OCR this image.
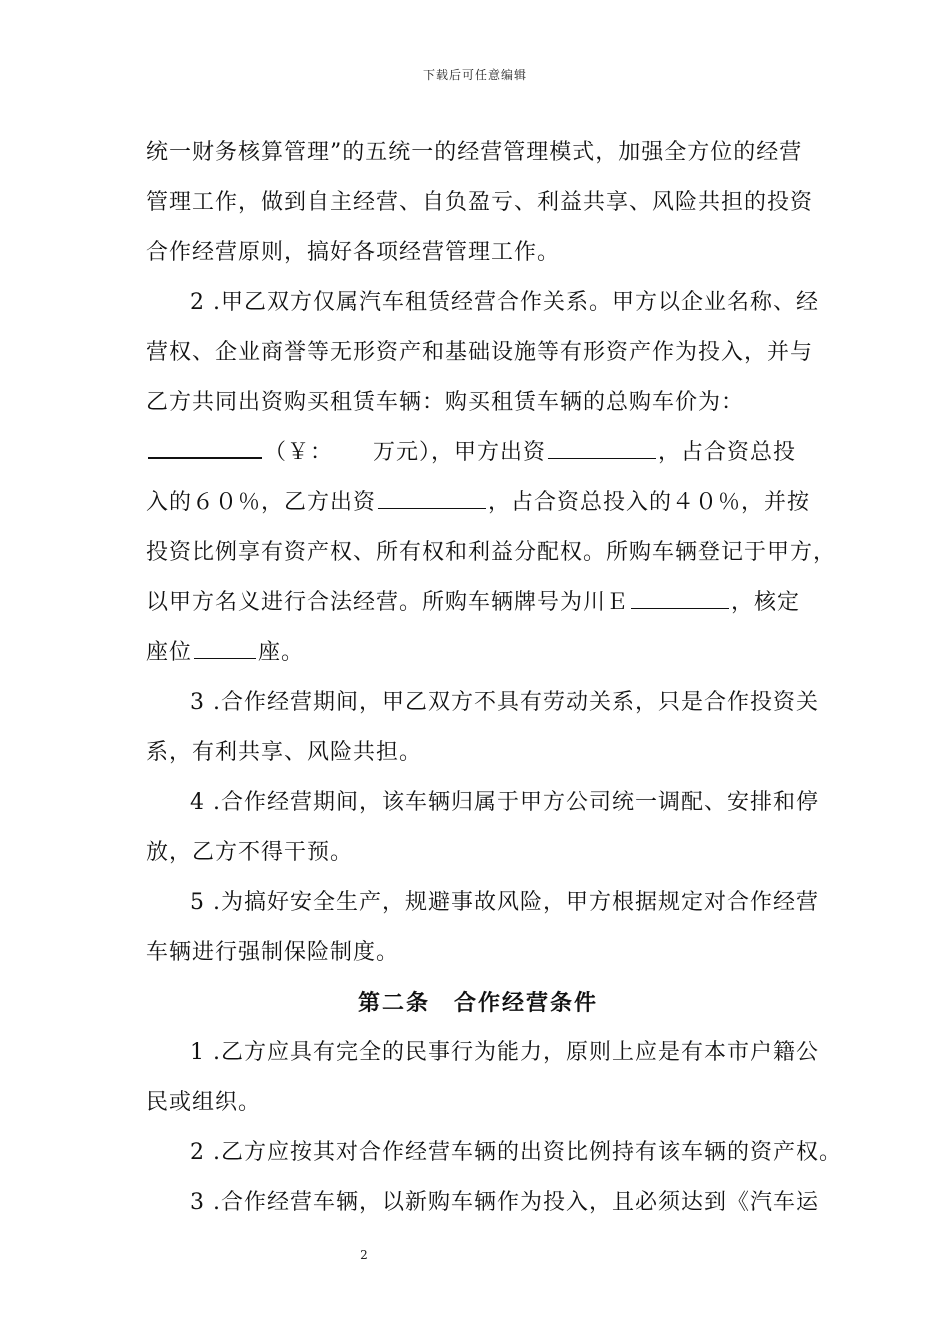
下载后可任意编辑
统一财务核算管理”的五统一的经营管理模式，加强全方位的经营
管理工作，做到自主经营、自负盈亏、利益共享、风险共担的投资
合作经营原则，搞好各项经营管理工作。
2 .甲乙双方仅属汽车租赁经营合作关系。甲方以企业名称、经
营权、企业商誉等无形资产和基础设施等有形资产作为投入，并与
乙方共同出资购买租赁车辆：购买租赁车辆的总购车价为：
（￥： 万元），甲方出资	，占合资总投
入的６０％，乙方出资	，占合资总投入的４０％，并按
投资比例享有资产权、所有权和利益分配权。所购车辆登记于甲方，
以甲方名义进行合法经营。所购车辆牌号为川Ｅ	，核定
座位	座。
3 .合作经营期间，甲乙双方不具有劳动关系，只是合作投资关
系，有利共享、风险共担。
4 .合作经营期间，该车辆归属于甲方公司统一调配、安排和停
放，乙方不得干预。
5 .为搞好安全生产，规避事故风险，甲方根据规定对合作经营
车辆进行强制保险制度。
第二条　合作经营条件
1 .乙方应具有完全的民事行为能力，原则上应是有本市户籍公
民或组织。
2 .乙方应按其对合作经营车辆的出资比例持有该车辆的资产权。
3 .合作经营车辆，以新购车辆作为投入，且必须达到《汽车运
2
